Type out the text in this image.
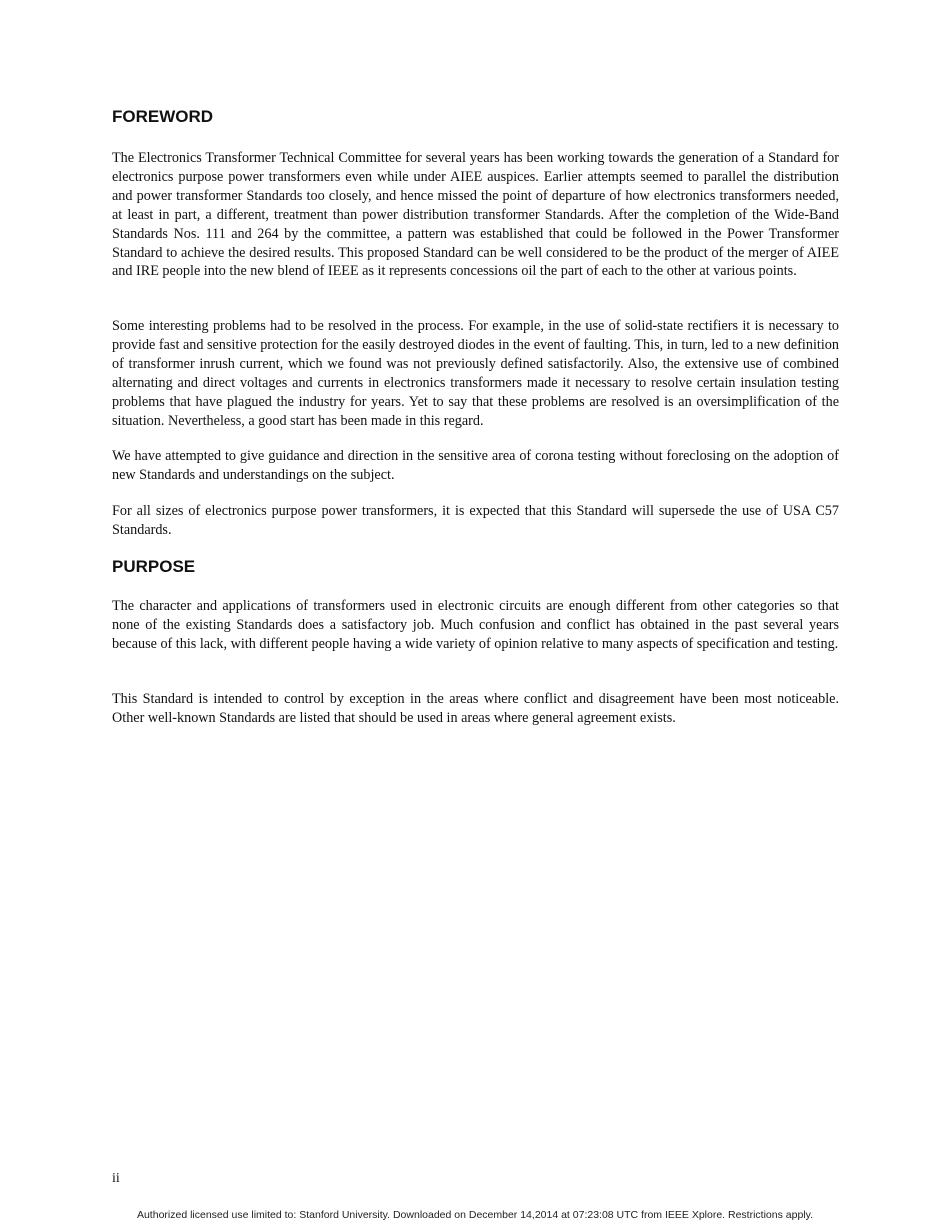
FOREWORD

The Electronics Transformer Technical Committee for several years has been working towards the generation of a Standard for electronics purpose power transformers even while under AIEE auspices. Earlier attempts seemed to parallel the distribution and power transformer Standards too closely, and hence missed the point of departure of how electronics transformers needed, at least in part, a different, treatment than power distribution transformer Standards. After the completion of the Wide-Band Standards Nos. 111 and 264 by the committee, a pattern was established that could be followed in the Power Transformer Standard to achieve the desired results. This proposed Standard can be well considered to be the product of the merger of AIEE and IRE people into the new blend of IEEE as it represents concessions oil the part of each to the other at various points.

Some interesting problems had to be resolved in the process. For example, in the use of solid-state rectifiers it is necessary to provide fast and sensitive protection for the easily destroyed diodes in the event of faulting. This, in turn, led to a new definition of transformer inrush current, which we found was not previously defined satisfactorily. Also, the extensive use of combined alternating and direct voltages and currents in electronics transformers made it necessary to resolve certain insulation testing problems that have plagued the industry for years. Yet to say that these problems are resolved is an oversimplification of the situation. Nevertheless, a good start has been made in this regard.

We have attempted to give guidance and direction in the sensitive area of corona testing without foreclosing on the adoption of new Standards and understandings on the subject.

For all sizes of electronics purpose power transformers, it is expected that this Standard will supersede the use of USA C57 Standards.

PURPOSE

The character and applications of transformers used in electronic circuits are enough different from other categories so that none of the existing Standards does a satisfactory job. Much confusion and conflict has obtained in the past several years because of this lack, with different people having a wide variety of opinion relative to many aspects of specification and testing.

This Standard is intended to control by exception in the areas where conflict and disagreement have been most noticeable. Other well-known Standards are listed that should be used in areas where general agreement exists.

ii
Authorized licensed use limited to: Stanford University. Downloaded on December 14,2014 at 07:23:08 UTC from IEEE Xplore. Restrictions apply.
